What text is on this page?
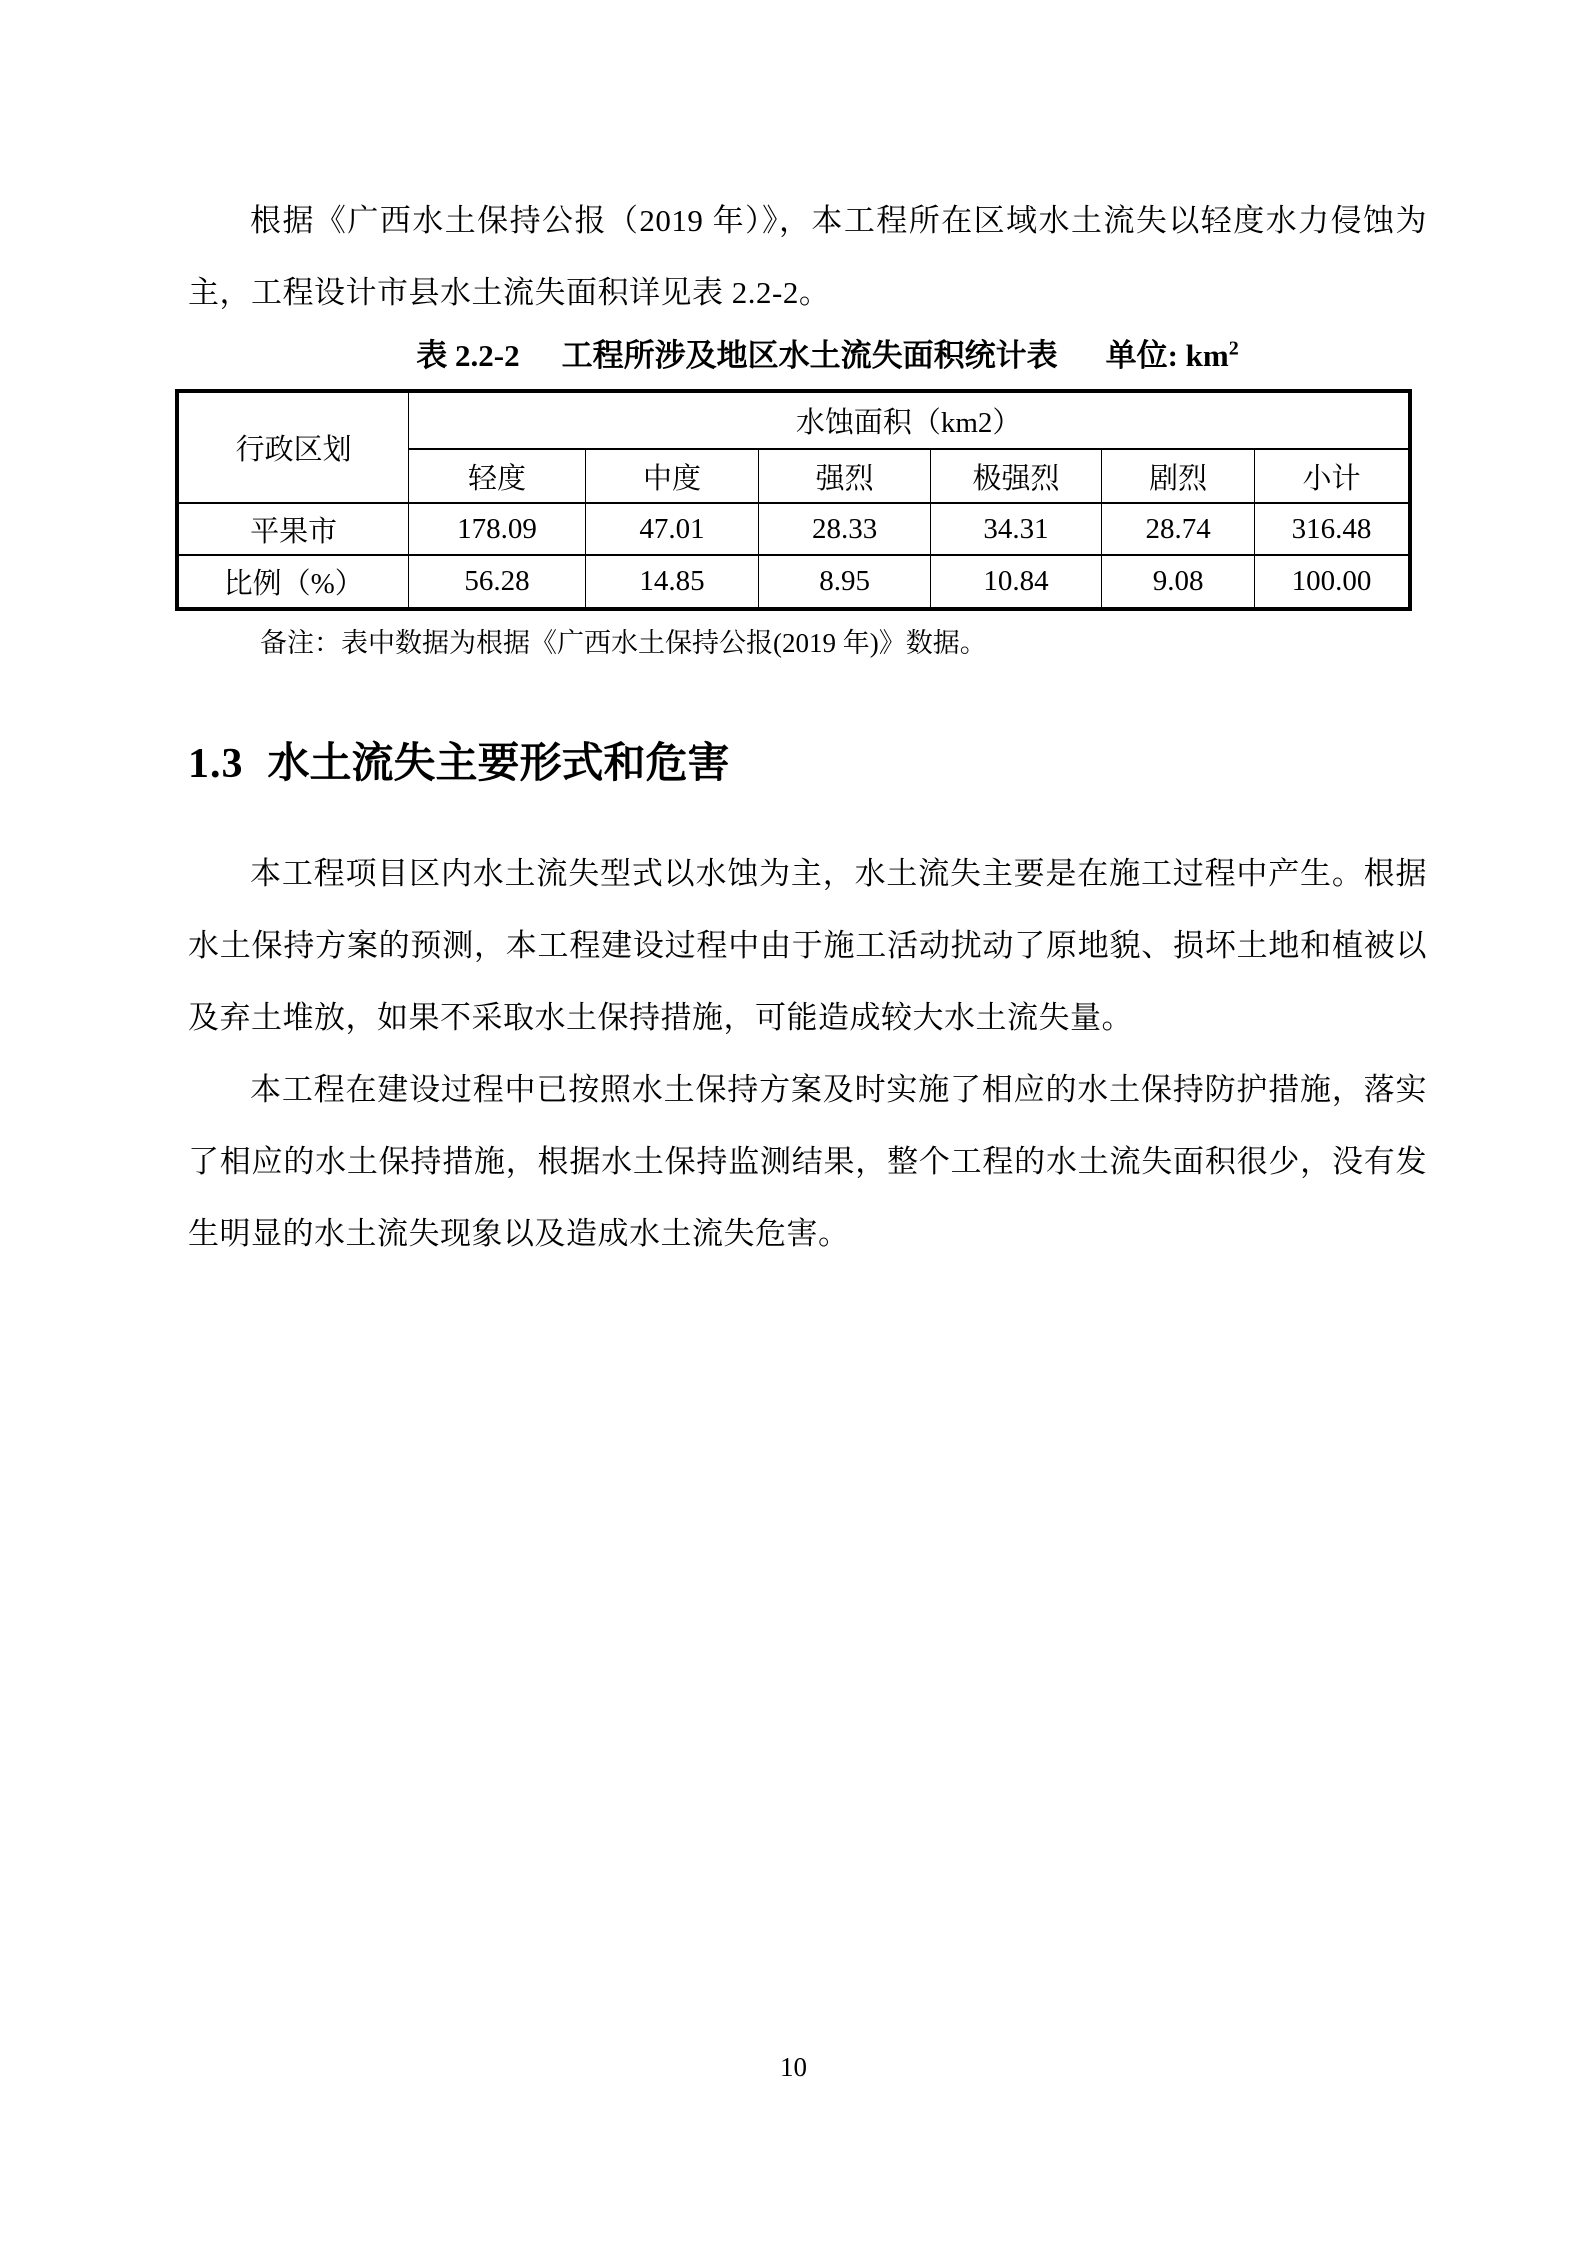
根据《广西水土保持公报（2019 年）》，本工程所在区域水土流失以轻度水力侵蚀为主，工程设计市县水土流失面积详见表 2.2-2。

表 2.2-2 工程所涉及地区水土流失面积统计表 单位: $km^2$
行政区划	水蚀面积（km2）					
	轻度	中度	强烈	极强烈	剧烈	小计
平果市	178.09	47.01	28.33	34.31	28.74	316.48
比例（%）	56.28	14.85	8.95	10.84	9.08	100.00

备注：表中数据为根据《广西水土保持公报(2019 年)》数据。

1.3 水土流失主要形式和危害

本工程项目区内水土流失型式以水蚀为主，水土流失主要是在施工过程中产生。根据水土保持方案的预测，本工程建设过程中由于施工活动扰动了原地貌、损坏土地和植被以及弃土堆放，如果不采取水土保持措施，可能造成较大水土流失量。

本工程在建设过程中已按照水土保持方案及时实施了相应的水土保持防护措施，落实了相应的水土保持措施，根据水土保持监测结果，整个工程的水土流失面积很少，没有发生明显的水土流失现象以及造成水土流失危害。

10
